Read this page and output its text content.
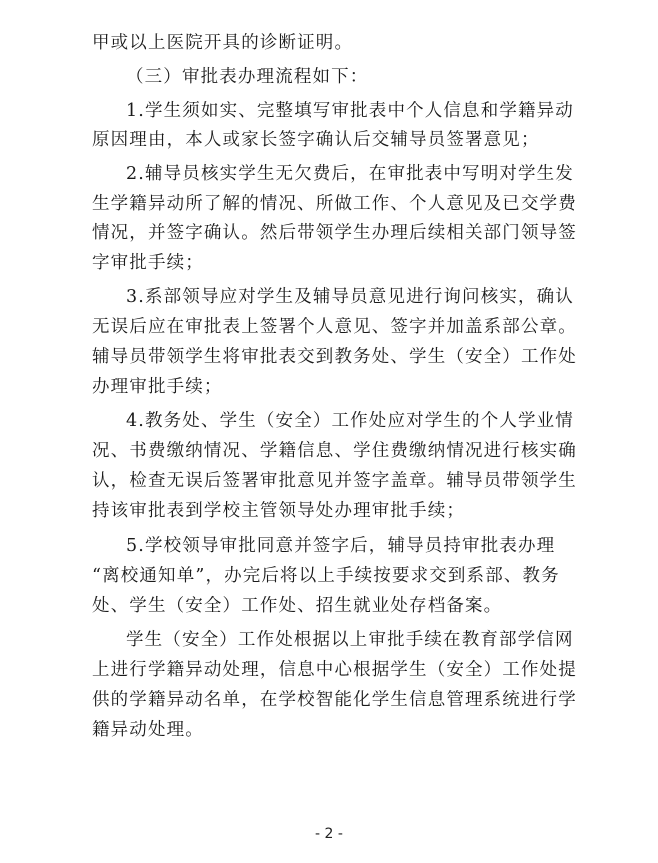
甲或以上医院开具的诊断证明。
（三）审批表办理流程如下：
1.学生须如实、完整填写审批表中个人信息和学籍异动
原因理由，本人或家长签字确认后交辅导员签署意见；
2.辅导员核实学生无欠费后，在审批表中写明对学生发
生学籍异动所了解的情况、所做工作、个人意见及已交学费
情况，并签字确认。然后带领学生办理后续相关部门领导签
字审批手续；
3.系部领导应对学生及辅导员意见进行询问核实，确认
无误后应在审批表上签署个人意见、签字并加盖系部公章。
辅导员带领学生将审批表交到教务处、学生（安全）工作处
办理审批手续；
4.教务处、学生（安全）工作处应对学生的个人学业情
况、书费缴纳情况、学籍信息、学住费缴纳情况进行核实确
认，检查无误后签署审批意见并签字盖章。辅导员带领学生
持该审批表到学校主管领导处办理审批手续；
5.学校领导审批同意并签字后，辅导员持审批表办理
“离校通知单”，办完后将以上手续按要求交到系部、教务
处、学生（安全）工作处、招生就业处存档备案。
学生（安全）工作处根据以上审批手续在教育部学信网
上进行学籍异动处理，信息中心根据学生（安全）工作处提
供的学籍异动名单，在学校智能化学生信息管理系统进行学
籍异动处理。
- 2 -
